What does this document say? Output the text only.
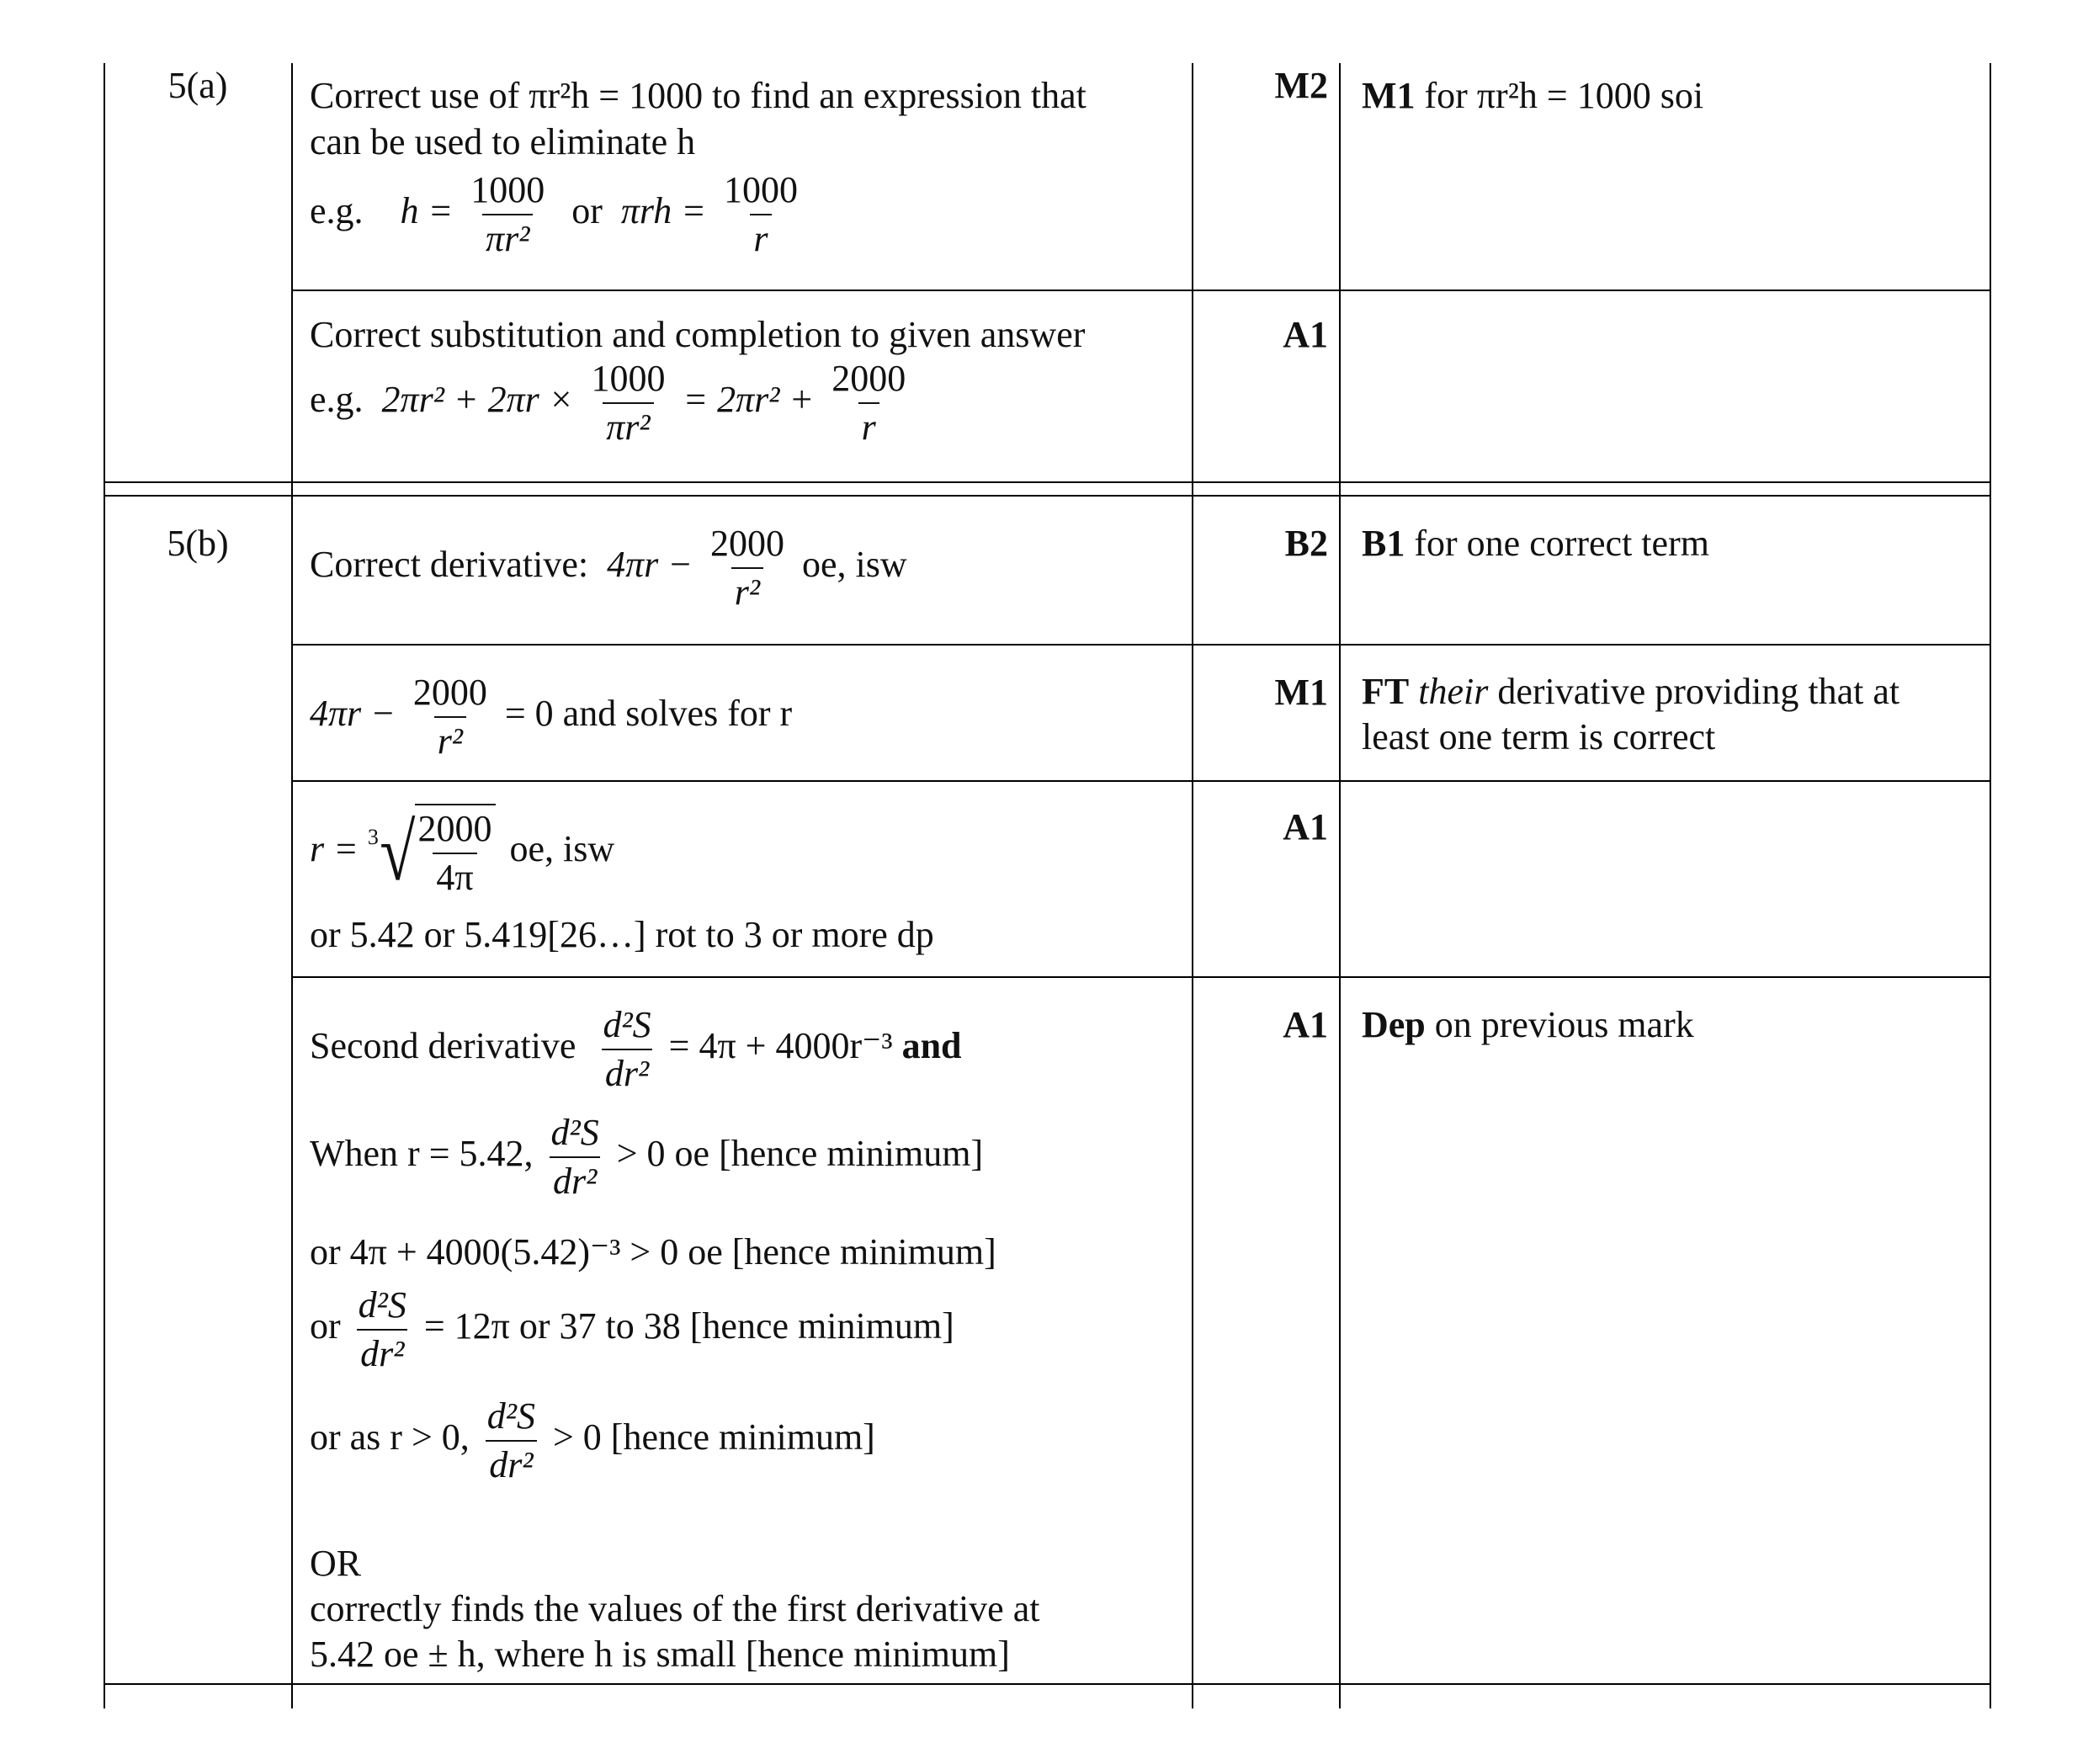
5(a)	Correct use of πr²h = 1000 to find an expression that
can be used to eliminate h
e.g. $h = \frac{1000}{\text{πr²}}$ or $\pi rh = \frac{1000}{r}$
M2 M1 for πr²h = 1000 soi
Correct substitution and completion to given answer
e.g. $2\pi r^2 + 2\pi r \times \frac{1000}{\text{πr²}} = 2\pi r^2 + \frac{2000}{r}$
A1
5(b)
Correct derivative: $4\pi r - \frac{2000}{\text{r²}}$ oe, isw
B2 B1 for one correct term
$4\pi r - \frac{2000}{\text{r²}} = 0$ and solves for r
M1 FT their derivative providing that at
least one term is correct
r = 3 √ $\frac{2000}{4\pi}$ oe, isw
or 5.42 or 5.419[26…] rot to 3 or more dp
A1
Second derivative $\frac{\text{d²S}}{\text{dr²}} = 4\pi + 4000r^{-3}$ and
When r = 5.42, $\frac{\text{d²S}}{\text{dr²}} > 0$ oe [hence minimum]
or 4π + 4000(5.42)⁻³ > 0 oe [hence minimum]
or $\frac{\text{d²S}}{\text{dr²}} = 12\pi$ or 37 to 38 [hence minimum]
or as r > 0, $\frac{\text{d²S}}{\text{dr²}} > 0$ [hence minimum]
OR
correctly finds the values of the first derivative at
5.42 oe ± h, where h is small [hence minimum]
A1 Dep on previous mark
